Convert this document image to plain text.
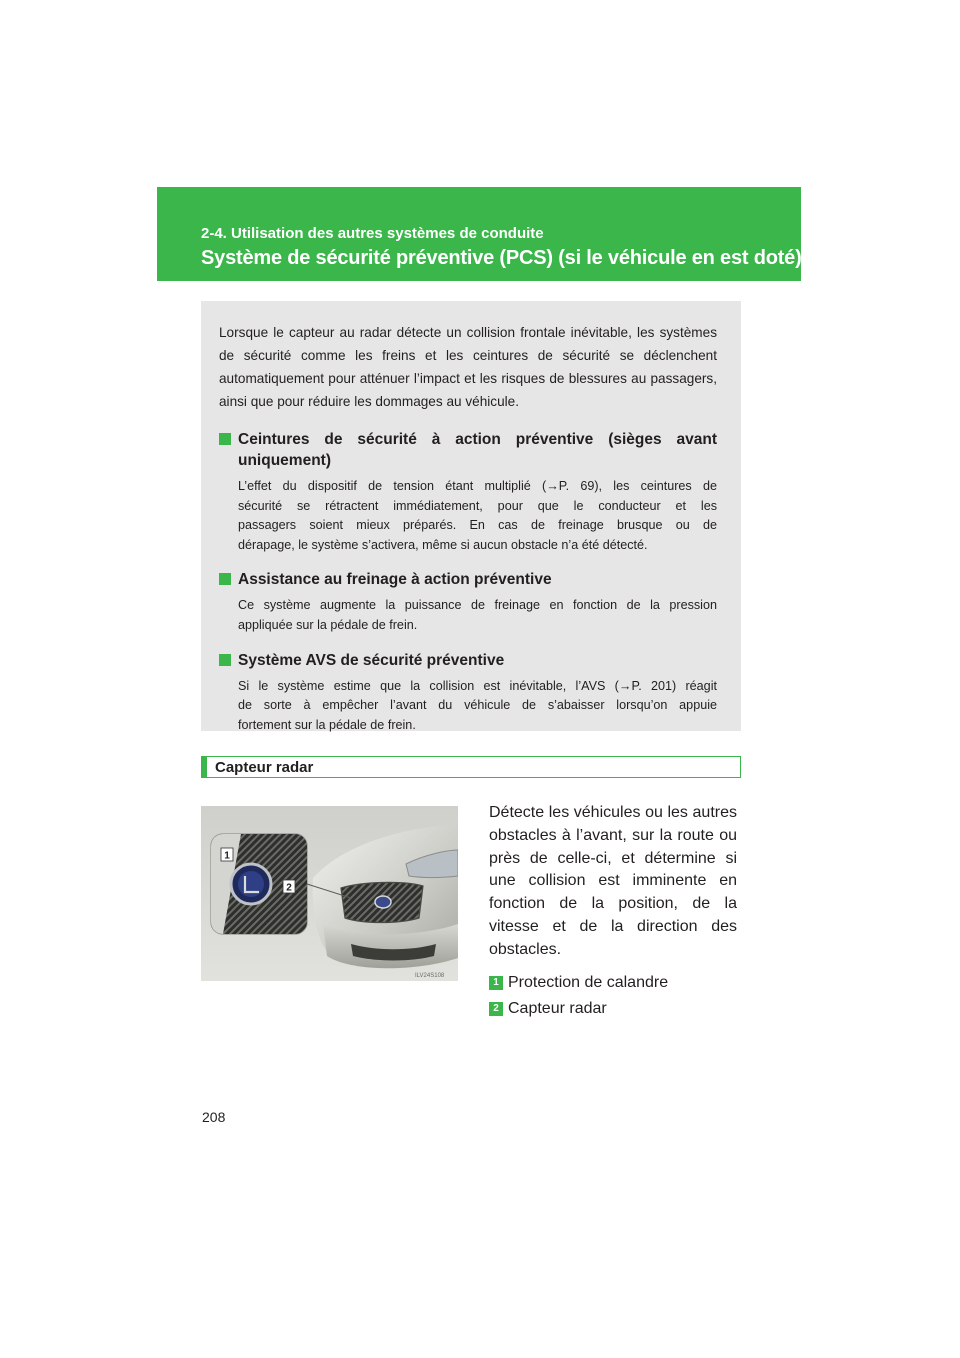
2-4. Utilisation des autres systèmes de conduite
Système de sécurité préventive (PCS) (si le véhicule en est doté)

Lorsque le capteur au radar détecte un collision frontale inévitable, les systèmes de sécurité comme les freins et les ceintures de sécurité se déclenchent automatiquement pour atténuer l’impact et les risques de blessures au passagers, ainsi que pour réduire les dommages au véhicule.

Ceintures de sécurité à action préventive (sièges avant uniquement)
L’effet du dispositif de tension étant multiplié (→P. 69), les ceintures de
sécurité se rétractent immédiatement, pour que le conducteur et les
passagers soient mieux préparés. En cas de freinage brusque ou de
dérapage, le système s’activera, même si aucun obstacle n’a été détecté.
Assistance au freinage à action préventive
Ce système augmente la puissance de freinage en fonction de la pression
appliquée sur la pédale de frein.
Système AVS de sécurité préventive
Si le système estime que la collision est inévitable, l’AVS (→P. 201) réagit
de sorte à empêcher l’avant du véhicule de s’abaisser lorsqu’on appuie
fortement sur la pédale de frein.
Capteur radar
1
2
ILV24S108
Détecte les véhicules ou les autres obstacles à l’avant, sur la route ou près de celle-ci, et détermine si une collision est imminente en fonction de la position, de la vitesse et de la direction des obstacles.
1 Protection de calandre
2 Capteur radar
208
